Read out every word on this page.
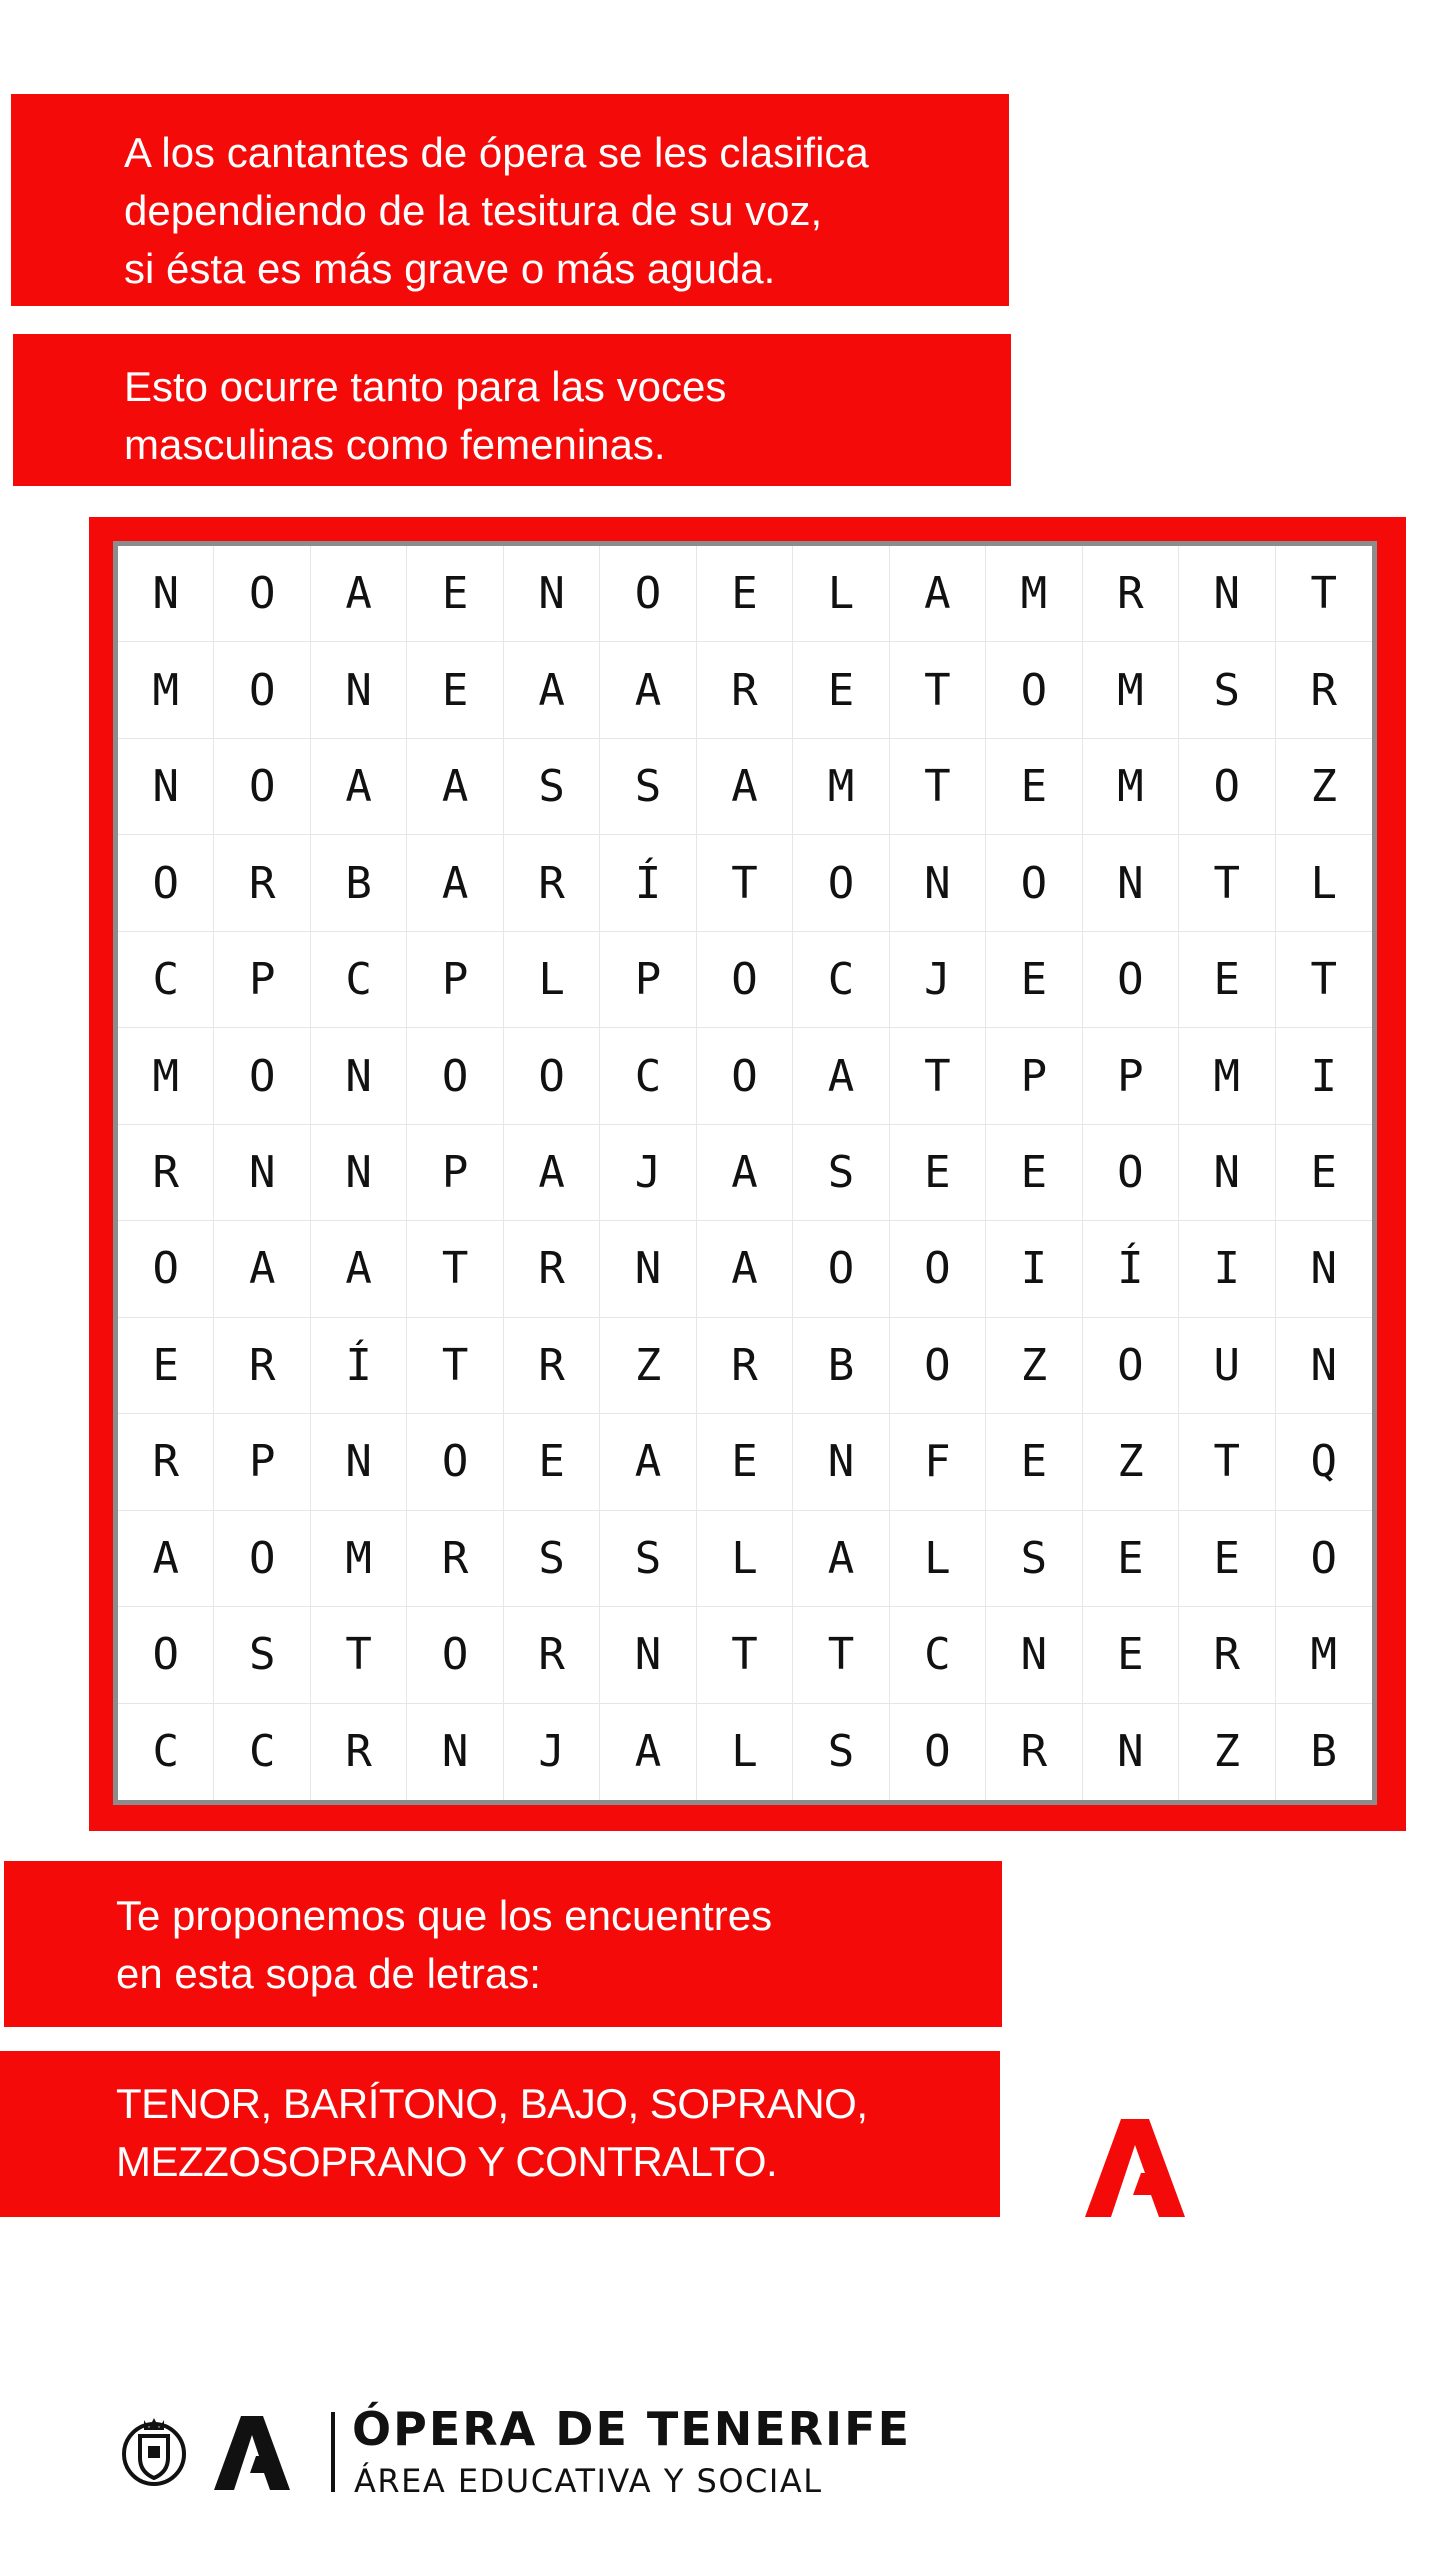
A los cantantes de ópera se les clasifica
dependiendo de la tesitura de su voz,
si ésta es más grave o más aguda.
Esto ocurre tanto para las voces
masculinas como femeninas.
N	O	A	E	N	O	E	L	A	M	R	N	T
M	O	N	E	A	A	R	E	T	O	M	S	R
N	O	A	A	S	S	A	M	T	E	M	O	Z
O	R	B	A	R	Í	T	O	N	O	N	T	L
C	P	C	P	L	P	O	C	J	E	O	E	T
M	O	N	O	O	C	O	A	T	P	P	M	I
R	N	N	P	A	J	A	S	E	E	O	N	E
O	A	A	T	R	N	A	O	O	I	Í	I	N
E	R	Í	T	R	Z	R	B	O	Z	O	U	N
R	P	N	O	E	A	E	N	F	E	Z	T	Q
A	O	M	R	S	S	L	A	L	S	E	E	O
O	S	T	O	R	N	T	T	C	N	E	R	M
C	C	R	N	J	A	L	S	O	R	N	Z	B
Te proponemos que los encuentres
en esta sopa de letras:
TENOR, BARÍTONO, BAJO, SOPRANO,
MEZZOSOPRANO Y CONTRALTO.
ÓPERA DE TENERIFE
ÁREA EDUCATIVA Y SOCIAL
